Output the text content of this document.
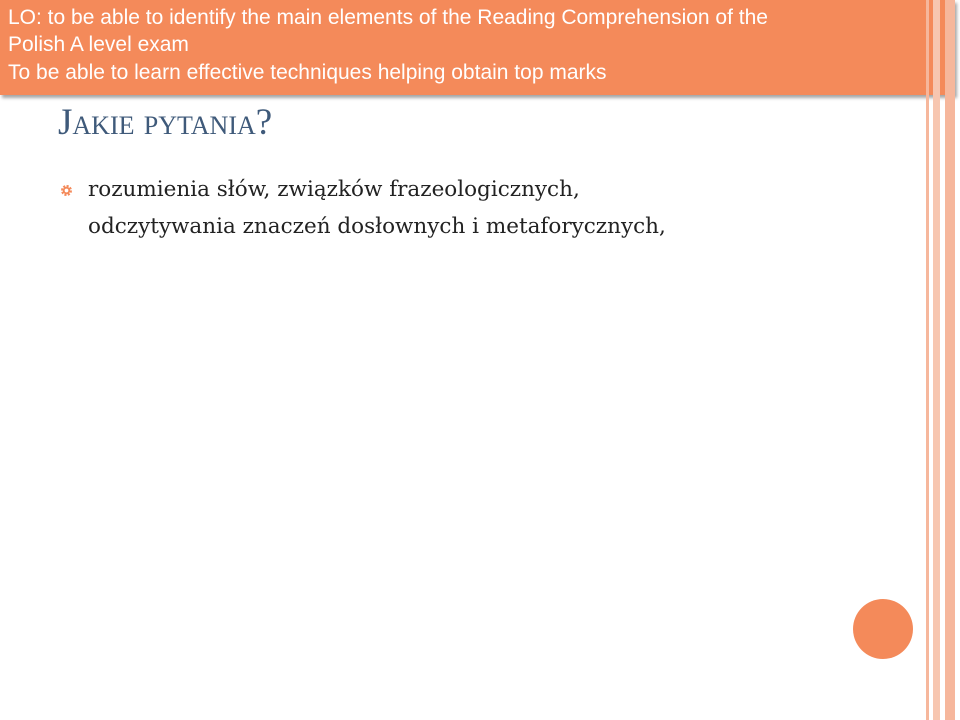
LO: to be able to identify the main elements of the Reading Comprehension of the
Polish A level exam
To be able to learn effective techniques helping obtain top marks
Jakie pytania?
rozumienia słów, związków frazeologicznych,
odczytywania znaczeń dosłownych i metaforycznych,
